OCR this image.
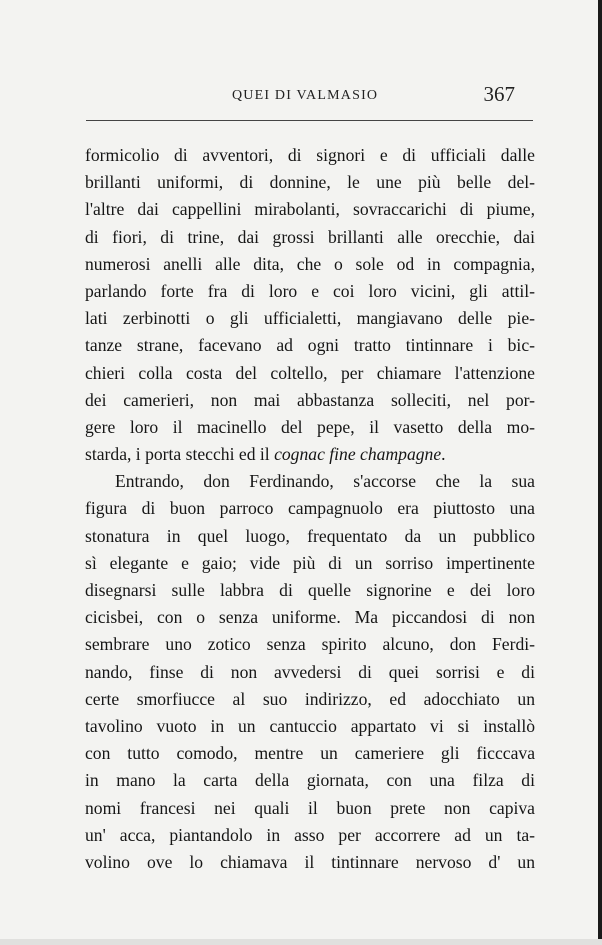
QUEI DI VALMASIO	367
formicolio di avventori, di signori e di ufficiali dalle
brillanti uniformi, di donnine, le une più belle del-
l'altre dai cappellini mirabolanti, sovraccarichi di piume,
di fiori, di trine, dai grossi brillanti alle orecchie, dai
numerosi anelli alle dita, che o sole od in compagnia,
parlando forte fra di loro e coi loro vicini, gli attil-
lati zerbinotti o gli ufficialetti, mangiavano delle pie-
tanze strane, facevano ad ogni tratto tintinnare i bic-
chieri colla costa del coltello, per chiamare l'attenzione
dei camerieri, non mai abbastanza solleciti, nel por-
gere loro il macinello del pepe, il vasetto della mo-
starda, i porta stecchi ed il cognac fine champagne.
Entrando, don Ferdinando, s'accorse che la sua
figura di buon parroco campagnuolo era piuttosto una
stonatura in quel luogo, frequentato da un pubblico
sì elegante e gaio; vide più di un sorriso impertinente
disegnarsi sulle labbra di quelle signorine e dei loro
cicisbei, con o senza uniforme. Ma piccandosi di non
sembrare uno zotico senza spirito alcuno, don Ferdi-
nando, finse di non avvedersi di quei sorrisi e di
certe smorfiucce al suo indirizzo, ed adocchiato un
tavolino vuoto in un cantuccio appartato vi si installò
con tutto comodo, mentre un cameriere gli ficccava
in mano la carta della giornata, con una filza di
nomi francesi nei quali il buon prete non capiva
un' acca, piantandolo in asso per accorrere ad un ta-
volino ove lo chiamava il tintinnare nervoso d' un
